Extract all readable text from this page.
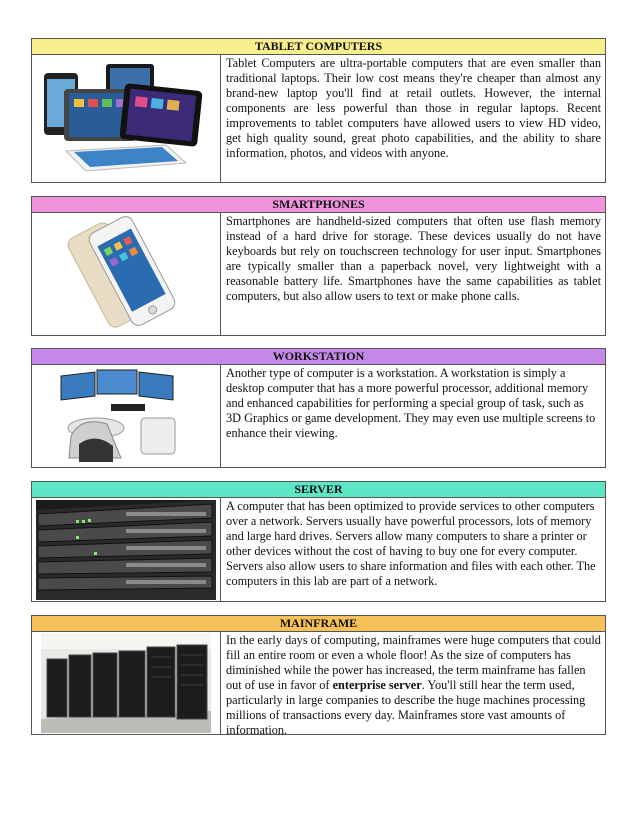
TABLET COMPUTERS
Tablet Computers are ultra-portable computers that are even smaller than traditional laptops. Their low cost means they're cheaper than almost any brand-new laptop you'll find at retail outlets. However, the internal components are less powerful than those in regular laptops. Recent improvements to tablet computers have allowed users to view HD video, get high quality sound, great photo capabilities, and the ability to share information, photos, and videos with anyone.
SMARTPHONES
Smartphones are handheld-sized computers that often use flash memory instead of a hard drive for storage. These devices usually do not have keyboards but rely on touchscreen technology for user input. Smartphones are typically smaller than a paperback novel, very lightweight with a reasonable battery life. Smartphones have the same capabilities as tablet computers, but also allow users to text or make phone calls.
WORKSTATION
Another type of computer is a workstation. A workstation is simply a desktop computer that has a more powerful processor, additional memory and enhanced capabilities for performing a special group of task, such as 3D Graphics or game development. They may even use multiple screens to enhance their viewing.
SERVER
A computer that has been optimized to provide services to other computers over a network. Servers usually have powerful processors, lots of memory and large hard drives. Servers allow many computers to share a printer or other devices without the cost of having to buy one for every computer. Servers also allow users to share information and files with each other. The computers in this lab are part of a network.
MAINFRAME
In the early days of computing, mainframes were huge computers that could fill an entire room or even a whole floor! As the size of computers has diminished while the power has increased, the term mainframe has fallen out of use in favor of enterprise server. You'll still hear the term used, particularly in large companies to describe the huge machines processing millions of transactions every day. Mainframes store vast amounts of information.
